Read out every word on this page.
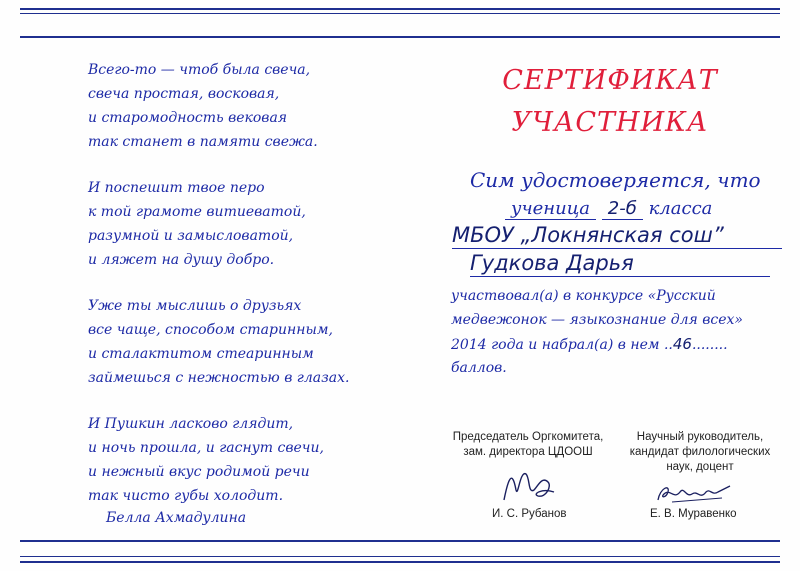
Всего-то — чтоб была свеча,
свеча простая, восковая,
и старомодность вековая
так станет в памяти свежа.
И поспешит твое перо
к той грамоте витиеватой,
разумной и замысловатой,
и ляжет на душу добро.
Уже ты мыслишь о друзьях
все чаще, способом старинным,
и сталактитом стеаринным
займешься с нежностью в глазах.
И Пушкин ласково глядит,
и ночь прошла, и гаснут свечи,
и нежный вкус родимой речи
так чисто губы холодит.
Белла Ахмадулина
СЕРТИФИКАТ
УЧАСТНИКА
Сим удостоверяется, что
ученица 2-б класса
МБОУ „Локнянская сош”
Гудкова Дарья
участвовал(а) в конкурсе «Русский
медвежонок — языкознание для всех»
2014 года и набрал(а) в нем ..46........
баллов.
Председатель Оргкомитета,
зам. директора ЦДООШ
Научный руководитель,
кандидат филологических
наук, доцент
И. С. Рубанов	Е. В. Муравенко
